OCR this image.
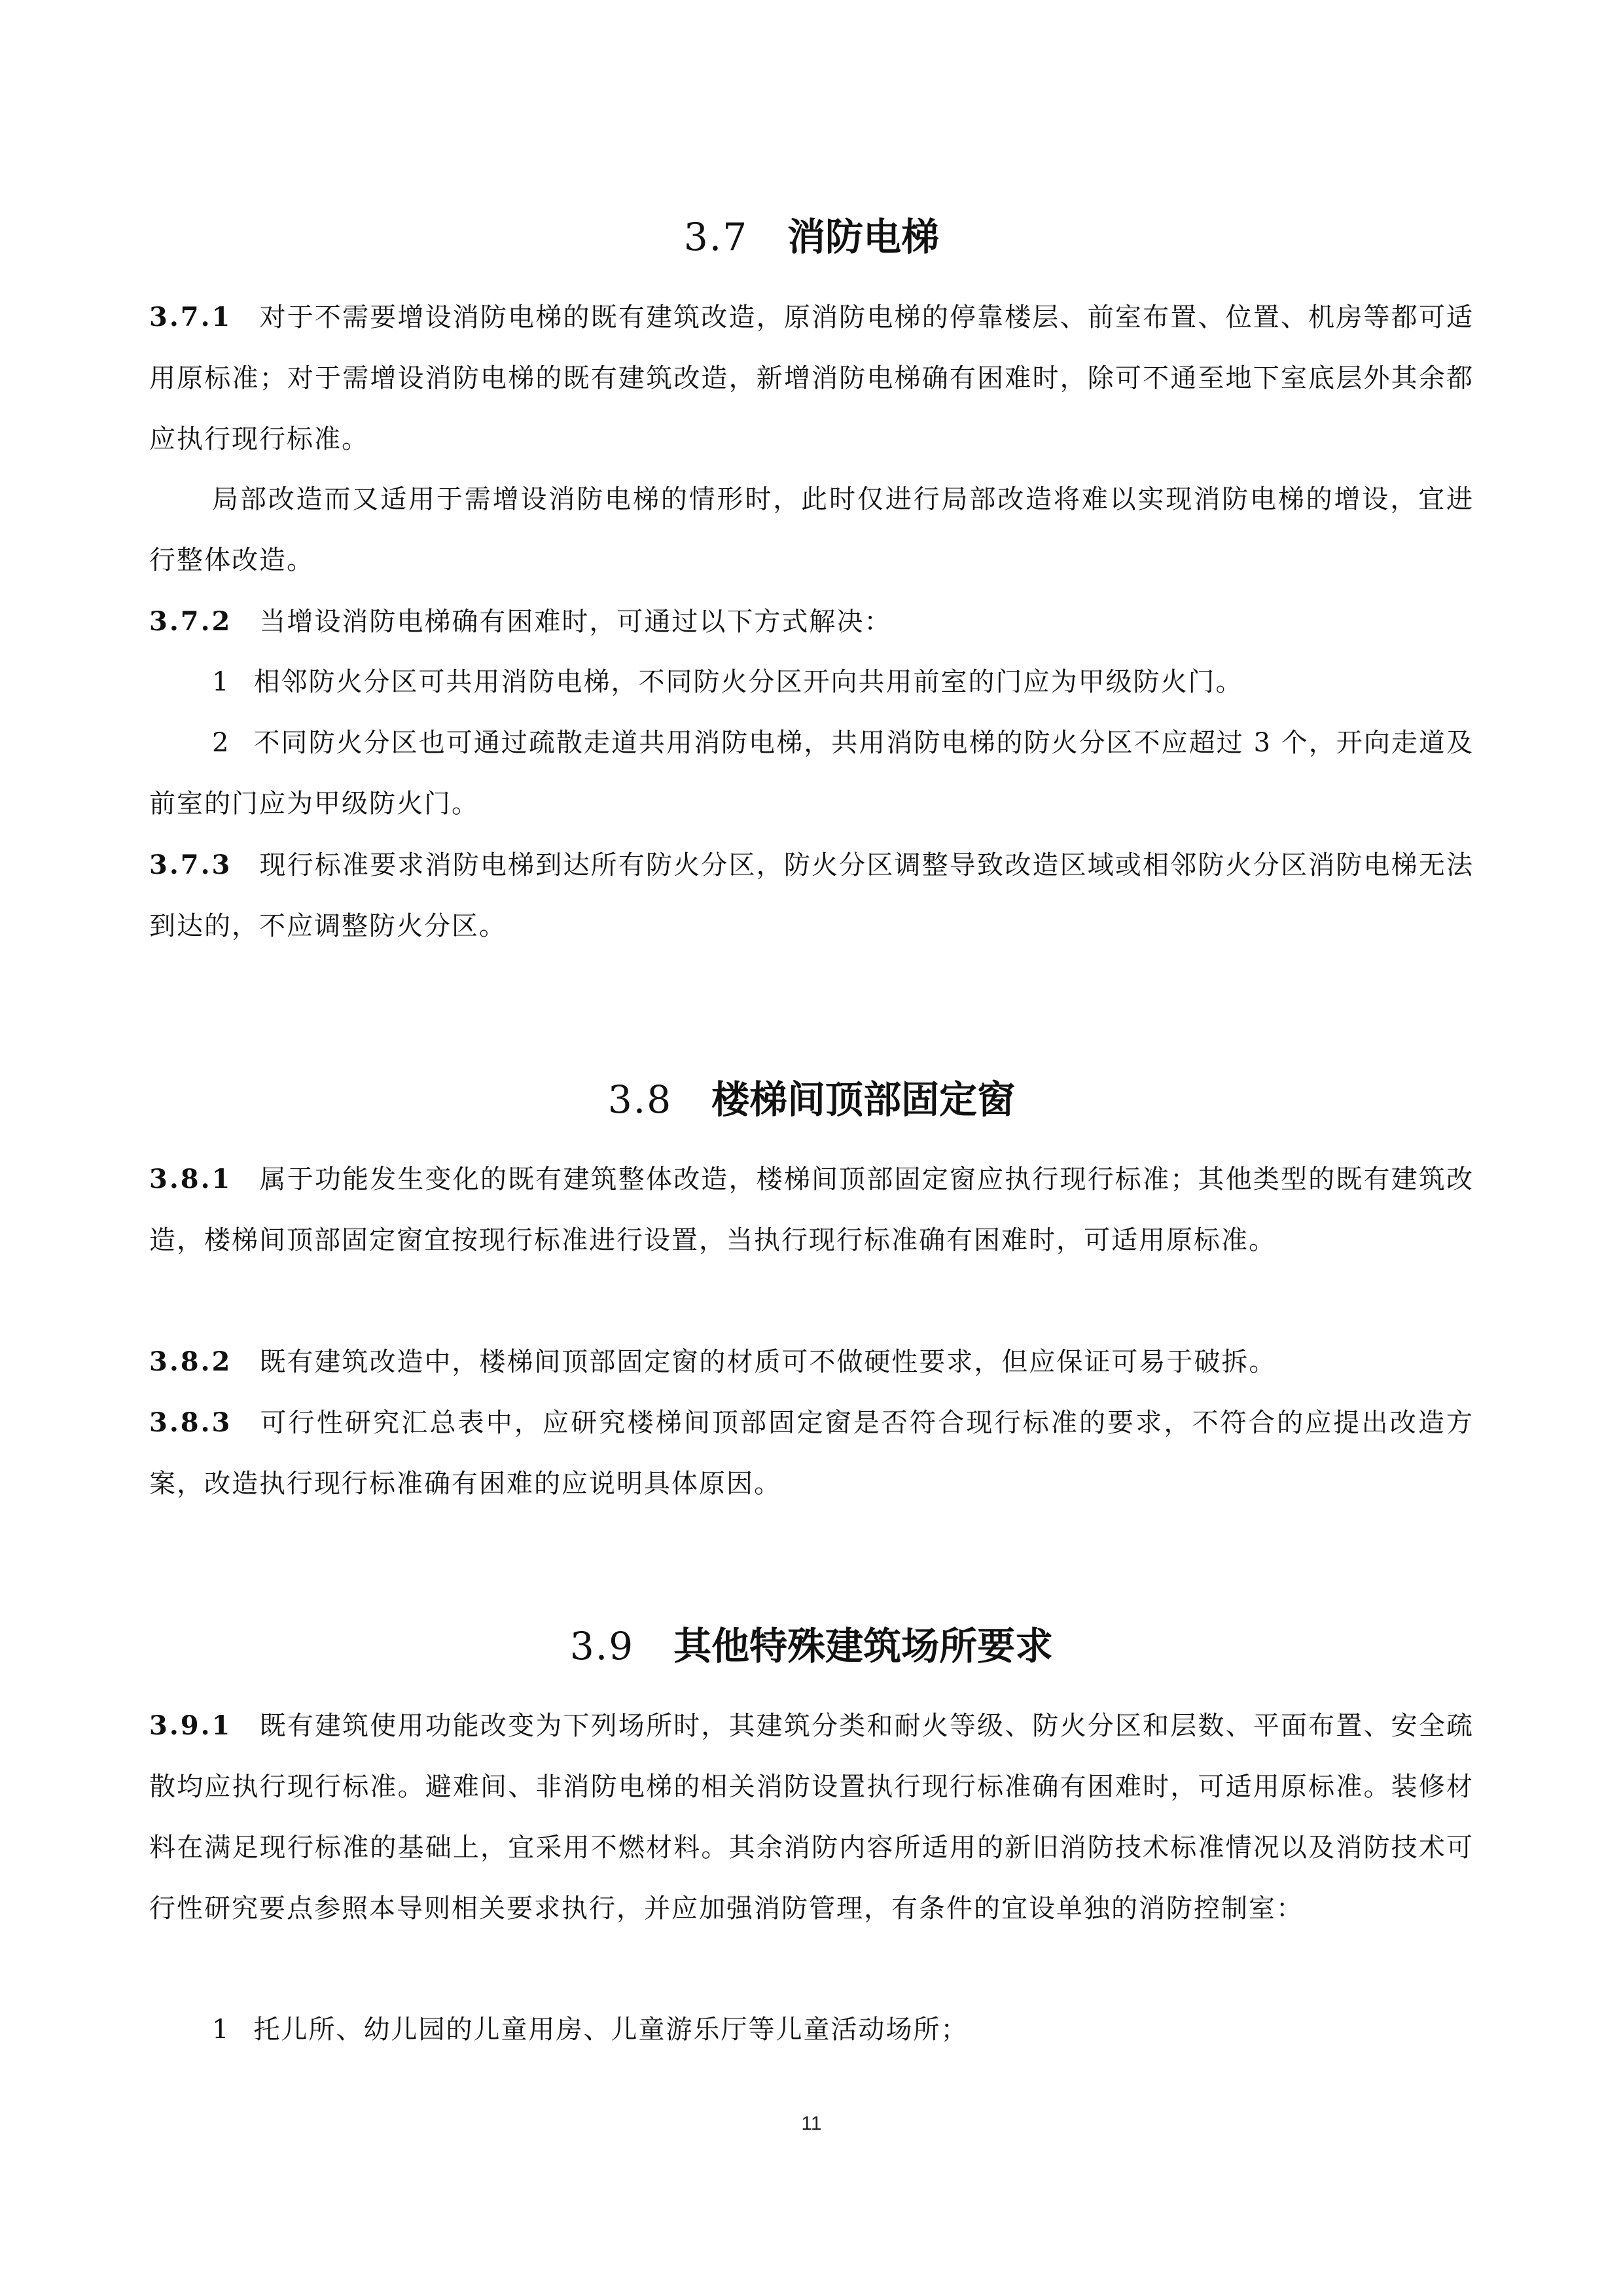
3.7 消防电梯
3.7.1 对于不需要增设消防电梯的既有建筑改造，原消防电梯的停靠楼层、前室布置、位置、机房等都可适用原标准；对于需增设消防电梯的既有建筑改造，新增消防电梯确有困难时，除可不通至地下室底层外其余都应执行现行标准。
局部改造而又适用于需增设消防电梯的情形时，此时仅进行局部改造将难以实现消防电梯的增设，宜进行整体改造。
3.7.2 当增设消防电梯确有困难时，可通过以下方式解决：
1 相邻防火分区可共用消防电梯，不同防火分区开向共用前室的门应为甲级防火门。
2 不同防火分区也可通过疏散走道共用消防电梯，共用消防电梯的防火分区不应超过 3 个，开向走道及前室的门应为甲级防火门。
3.7.3 现行标准要求消防电梯到达所有防火分区，防火分区调整导致改造区域或相邻防火分区消防电梯无法到达的，不应调整防火分区。
3.8 楼梯间顶部固定窗
3.8.1 属于功能发生变化的既有建筑整体改造，楼梯间顶部固定窗应执行现行标准；其他类型的既有建筑改造，楼梯间顶部固定窗宜按现行标准进行设置，当执行现行标准确有困难时，可适用原标准。
3.8.2 既有建筑改造中，楼梯间顶部固定窗的材质可不做硬性要求，但应保证可易于破拆。
3.8.3 可行性研究汇总表中，应研究楼梯间顶部固定窗是否符合现行标准的要求，不符合的应提出改造方案，改造执行现行标准确有困难的应说明具体原因。
3.9 其他特殊建筑场所要求
3.9.1 既有建筑使用功能改变为下列场所时，其建筑分类和耐火等级、防火分区和层数、平面布置、安全疏散均应执行现行标准。避难间、非消防电梯的相关消防设置执行现行标准确有困难时，可适用原标准。装修材料在满足现行标准的基础上，宜采用不燃材料。其余消防内容所适用的新旧消防技术标准情况以及消防技术可行性研究要点参照本导则相关要求执行，并应加强消防管理，有条件的宜设单独的消防控制室：
1 托儿所、幼儿园的儿童用房、儿童游乐厅等儿童活动场所；
11
